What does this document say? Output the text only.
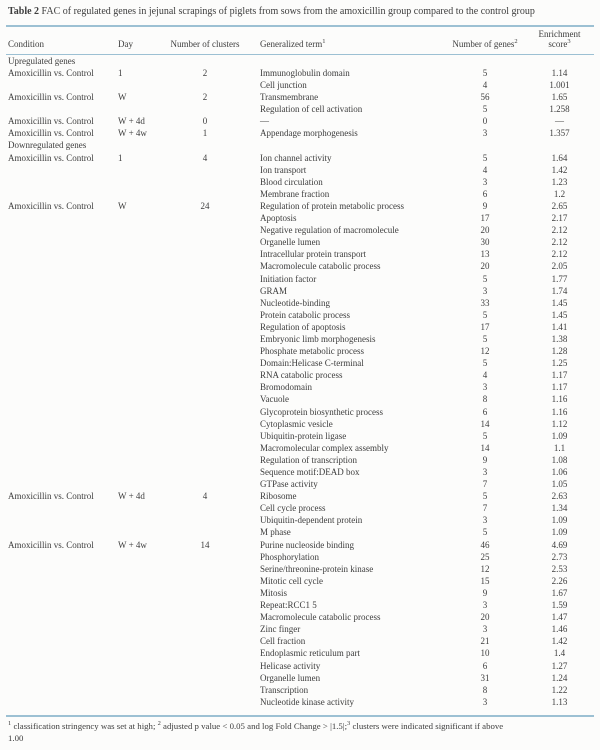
Table 2 FAC of regulated genes in jejunal scrapings of piglets from sows from the amoxicillin group compared to the control group
Condition	Day	Number of clusters	Generalized term$^1$	Number of genes$^2$
Enrichment
score$^3$
Upregulated genes
Amoxicillin vs. Control	1	2	Immunoglobulin domain	5	1.14
Cell junction	4	1.001
Amoxicillin vs. Control	W	2	Transmembrane	56	1.65
Regulation of cell activation	5	1.258
Amoxicillin vs. Control	W + 4d	0	—	0	—
Amoxicillin vs. Control	W + 4w	1	Appendage morphogenesis	3	1.357
Downregulated genes
Amoxicillin vs. Control	1	4	Ion channel activity	5	1.64
Ion transport	4	1.42
Blood circulation	3	1.23
Membrane fraction	6	1.2
Amoxicillin vs. Control	W	24	Regulation of protein metabolic process	9	2.65
Apoptosis	17	2.17
Negative regulation of macromolecule	20	2.12
Organelle lumen	30	2.12
Intracellular protein transport	13	2.12
Macromolecule catabolic process	20	2.05
Initiation factor	5	1.77
GRAM	3	1.74
Nucleotide-binding	33	1.45
Protein catabolic process	5	1.45
Regulation of apoptosis	17	1.41
Embryonic limb morphogenesis	5	1.38
Phosphate metabolic process	12	1.28
Domain:Helicase C-terminal	5	1.25
RNA catabolic process	4	1.17
Bromodomain	3	1.17
Vacuole	8	1.16
Glycoprotein biosynthetic process	6	1.16
Cytoplasmic vesicle	14	1.12
Ubiquitin-protein ligase	5	1.09
Macromolecular complex assembly	14	1.1
Regulation of transcription	9	1.08
Sequence motif:DEAD box	3	1.06
GTPase activity	7	1.05
Amoxicillin vs. Control	W + 4d	4	Ribosome	5	2.63
Cell cycle process	7	1.34
Ubiquitin-dependent protein	3	1.09
M phase	5	1.09
Amoxicillin vs. Control	W + 4w	14	Purine nucleoside binding	46	4.69
Phosphorylation	25	2.73
Serine/threonine-protein kinase	12	2.53
Mitotic cell cycle	15	2.26
Mitosis	9	1.67
Repeat:RCC1 5	3	1.59
Macromolecule catabolic process	20	1.47
Zinc finger	3	1.46
Cell fraction	21	1.42
Endoplasmic reticulum part	10	1.4
Helicase activity	6	1.27
Organelle lumen	31	1.24
Transcription	8	1.22
Nucleotide kinase activity	3	1.13
$^1$ classification stringency was set at high; $^2$ adjusted p value < 0.05 and log Fold Change > |1.5|;$^3$ clusters were indicated significant if above
1.00
